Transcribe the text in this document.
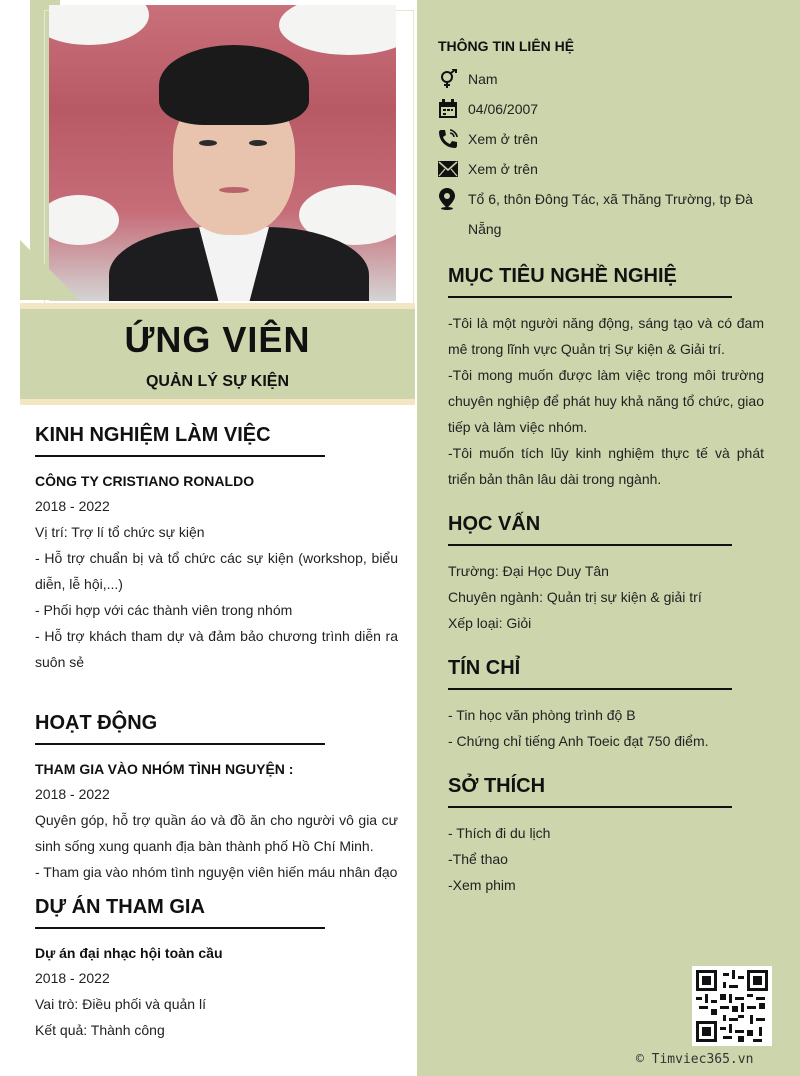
ỨNG VIÊN
QUẢN LÝ SỰ KIỆN
KINH NGHIỆM LÀM VIỆC
CÔNG TY CRISTIANO RONALDO
2018 - 2022
Vị trí: Trợ lí tổ chức sự kiện
- Hỗ trợ chuẩn bị và tổ chức các sự kiện (workshop, biểu diễn, lễ hội,...)
- Phối hợp với các thành viên trong nhóm
- Hỗ trợ khách tham dự và đảm bảo chương trình diễn ra suôn sẻ
HOẠT ĐỘNG
THAM GIA VÀO NHÓM TÌNH NGUYỆN :
2018 - 2022
Quyên góp, hỗ trợ quần áo và đồ ăn cho người vô gia cư sinh sống xung quanh địa bàn thành phố Hồ Chí Minh.
- Tham gia vào nhóm tình nguyện viên hiến máu nhân đạo
DỰ ÁN THAM GIA
Dự án đại nhạc hội toàn cầu
2018 - 2022
Vai trò: Điều phối và quản lí
Kết quả: Thành công
THÔNG TIN LIÊN HỆ
Nam
04/06/2007
Xem ở trên
Xem ở trên
Tổ 6, thôn Đông Tác, xã Thăng Trường, tp Đà Nẵng
MỤC TIÊU NGHỀ NGHIỆ
-Tôi là một người năng động, sáng tạo và có đam mê trong lĩnh vực Quản trị Sự kiện & Giải trí.
-Tôi mong muốn được làm việc trong môi trường chuyên nghiệp để phát huy khả năng tổ chức, giao tiếp và làm việc nhóm.
-Tôi muốn tích lũy kinh nghiệm thực tế và phát triển bản thân lâu dài trong ngành.
HỌC VẤN
Trường: Đại Học Duy Tân
Chuyên ngành: Quản trị sự kiện & giải trí
Xếp loại: Giỏi
TÍN CHỈ
- Tin học văn phòng trình độ B
- Chứng chỉ tiếng Anh Toeic đạt 750 điểm.
SỞ THÍCH
- Thích đi du lịch
-Thể thao
-Xem phim
© Timviec365.vn
